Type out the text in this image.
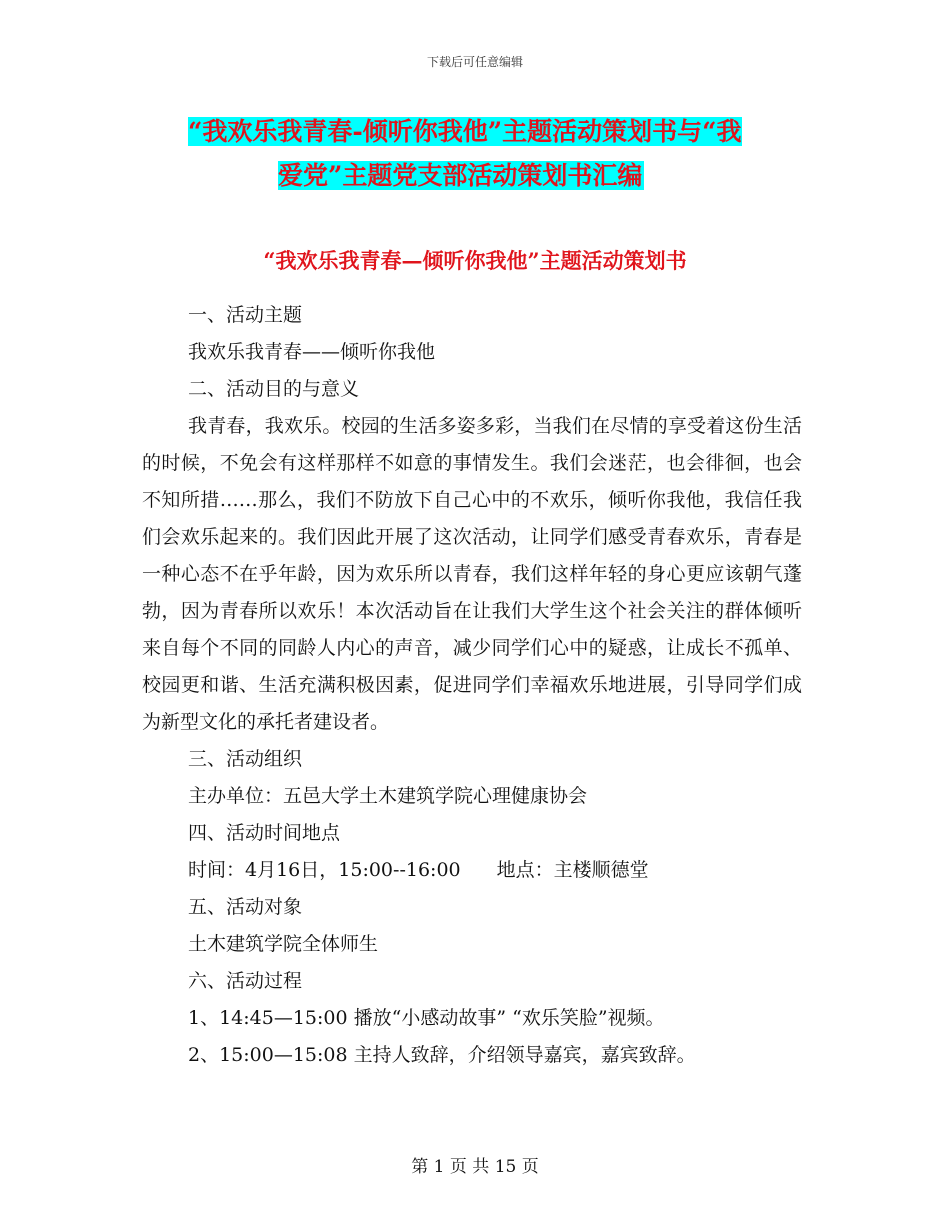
下载后可任意编辑
“我欢乐我青春-倾听你我他”主题活动策划书与“我
爱党”主题党支部活动策划书汇编
“我欢乐我青春—倾听你我他”主题活动策划书

一、活动主题

我欢乐我青春——倾听你我他

二、活动目的与意义

我青春，我欢乐。校园的生活多姿多彩，当我们在尽情的享受着这份生活的时候，不免会有这样那样不如意的事情发生。我们会迷茫，也会徘徊，也会不知所措……那么，我们不防放下自己心中的不欢乐，倾听你我他，我信任我们会欢乐起来的。我们因此开展了这次活动，让同学们感受青春欢乐，青春是一种心态不在乎年龄，因为欢乐所以青春，我们这样年轻的身心更应该朝气蓬勃，因为青春所以欢乐！本次活动旨在让我们大学生这个社会关注的群体倾听来自每个不同的同龄人内心的声音，减少同学们心中的疑惑，让成长不孤单、校园更和谐、生活充满积极因素，促进同学们幸福欢乐地进展，引导同学们成为新型文化的承托者建设者。

三、活动组织

主办单位：五邑大学土木建筑学院心理健康协会

四、活动时间地点

时间：4月16日，15:00--16:00 地点：主楼顺德堂

五、活动对象

土木建筑学院全体师生

六、活动过程

1、14:45—15:00 播放“小感动故事” “欢乐笑脸”视频。

2、15:00—15:08 主持人致辞，介绍领导嘉宾，嘉宾致辞。

第 1 页 共 15 页
